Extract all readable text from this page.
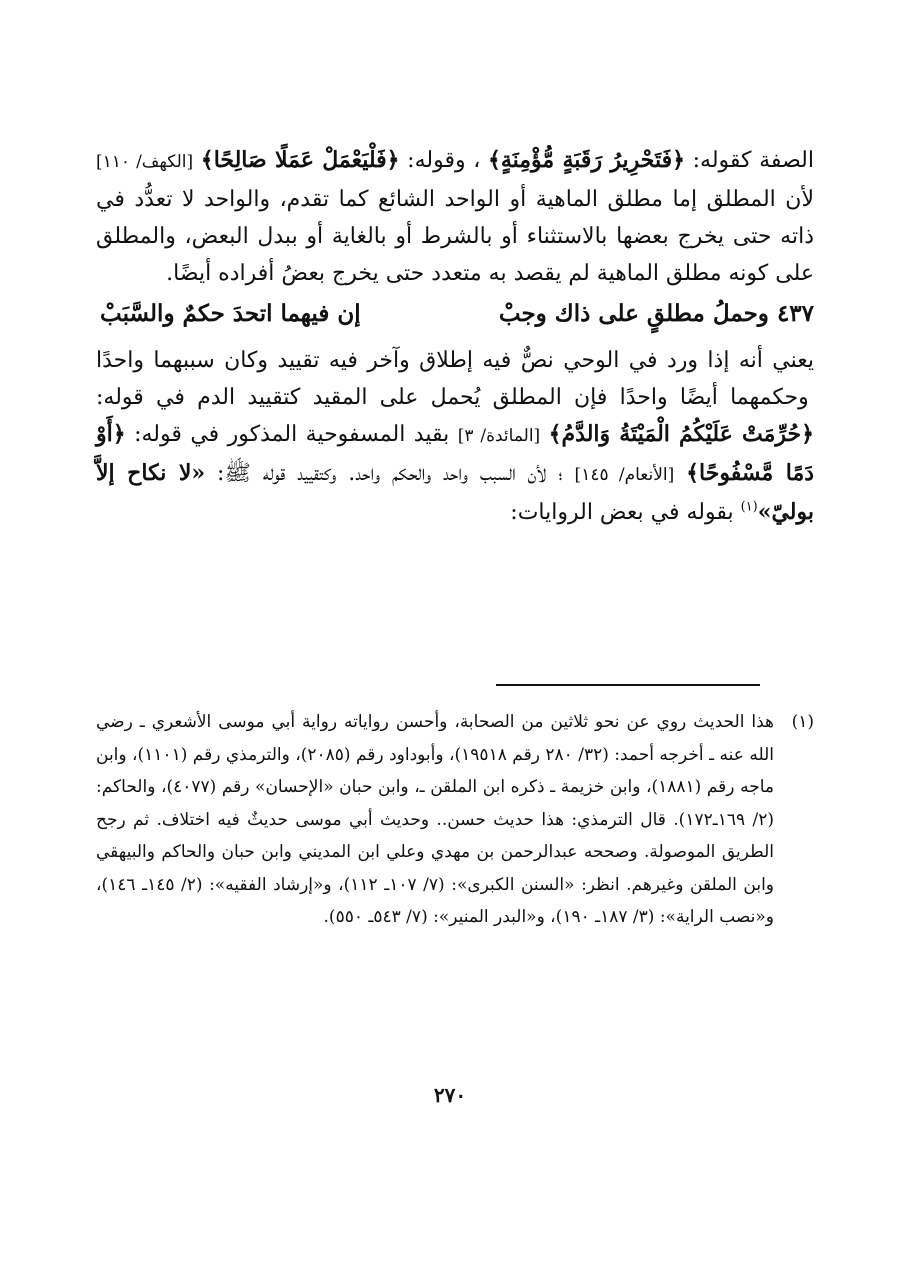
الصفة كقوله: ﴿فَتَحْرِيرُ رَقَبَةٍ مُّؤْمِنَةٍ﴾ ، وقوله: ﴿فَلْيَعْمَلْ عَمَلًا صَالِحًا﴾ [الكهف/ ١١٠] لأن المطلق إما مطلق الماهية أو الواحد الشائع كما تقدم، والواحد لا تعدُّد في ذاته حتى يخرج بعضها بالاستثناء أو بالشرط أو بالغاية أو ببدل البعض، والمطلق على كونه مطلق الماهية لم يقصد به متعدد حتى يخرج بعضُ أفراده أيضًا.

٤٣٧ وحملُ مطلقٍ على ذاك وجبْ
إن فيهما اتحدَ حكمٌ والسَّبَبْ

يعني أنه إذا ورد في الوحي نصٌّ فيه إطلاق وآخر فيه تقييد وكان سببهما واحدًا وحكمهما أيضًا واحدًا فإن المطلق يُحمل على المقيد كتقييد الدم في قوله: ﴿حُرِّمَتْ عَلَيْكُمُ الْمَيْتَةُ وَالدَّمُ﴾ [المائدة/ ٣] بقيد المسفوحية المذكور في قوله: ﴿أَوْ دَمًا مَّسْفُوحًا﴾ [الأنعام/ ١٤٥] ؛ لأن السبب واحد والحكم واحد. وكتقييد قوله ﷺ: «لا نكاح إلاَّ بوليّ»$^{(١)}$ بقوله في بعض الروايات:

(١)
هذا الحديث روي عن نحو ثلاثين من الصحابة، وأحسن رواياته رواية أبي موسى الأشعري ـ رضي الله عنه ـ أخرجه أحمد: (٣٢/ ٢٨٠ رقم ١٩٥١٨)، وأبوداود رقم (٢٠٨٥)، والترمذي رقم (١١٠١)، وابن ماجه رقم (١٨٨١)، وابن خزيمة ـ ذكره ابن الملقن ـ، وابن حبان «الإحسان» رقم (٤٠٧٧)، والحاكم: (٢/ ١٦٩ـ١٧٢). قال الترمذي: هذا حديث حسن.. وحديث أبي موسى حديثٌ فيه اختلاف. ثم رجح الطريق الموصولة. وصححه عبدالرحمن بن مهدي وعلي ابن المديني وابن حبان والحاكم والبيهقي وابن الملقن وغيرهم. انظر: «السنن الكبرى»: (٧/ ١٠٧ـ ١١٢)، و«إرشاد الفقيه»: (٢/ ١٤٥ـ ١٤٦)، و«نصب الراية»: (٣/ ١٨٧ـ ١٩٠)، و«البدر المنير»: (٧/ ٥٤٣ـ ٥٥٠).
٢٧٠
